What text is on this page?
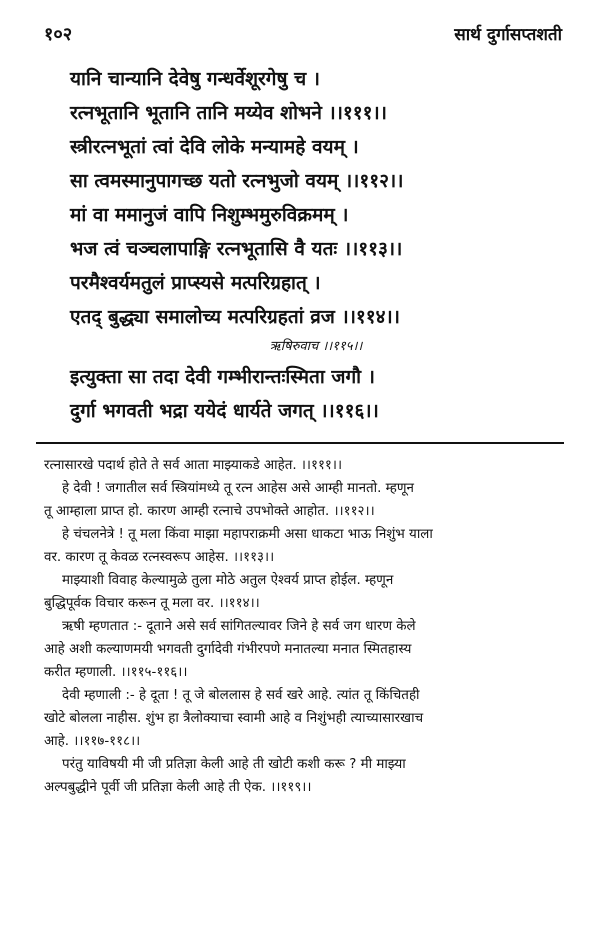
१०२	सार्थ दुर्गासप्तशती
यानि चान्यानि देवेषु गन्धर्वेशूरगेषु च ।
रत्नभूतानि भूतानि तानि मय्येव शोभने ।।१११।।
स्त्रीरत्नभूतां त्वां देवि लोके मन्यामहे वयम् ।
सा त्वमस्मानुपागच्छ यतो रत्नभुजो वयम् ।।११२।।
मां वा ममानुजं वापि निशुम्भमुरुविक्रमम् ।
भज त्वं चञ्चलापाङ्गि रत्नभूतासि वै यतः ।।११३।।
परमैश्वर्यमतुलं प्राप्स्यसे मत्परिग्रहात् ।
एतद् बुद्ध्या समालोच्य मत्परिग्रहतां व्रज ।।११४।।
ऋषिरुवाच ।।११५।।
इत्युक्ता सा तदा देवी गम्भीरान्तःस्मिता जगौ ।
दुर्गा भगवती भद्रा ययेदं धार्यते जगत् ।।११६।।
रत्नासारखे पदार्थ होते ते सर्व आता माझ्याकडे आहेत. ।।१११।।
हे देवी ! जगातील सर्व स्त्रियांमध्ये तू रत्न आहेस असे आम्ही मानतो. म्हणून
तू आम्हाला प्राप्त हो. कारण आम्ही रत्नाचे उपभोक्ते आहोत. ।।११२।।
हे चंचलनेत्रे ! तू मला किंवा माझा महापराक्रमी असा धाकटा भाऊ निशुंभ याला
वर. कारण तू केवळ रत्नस्वरूप आहेस. ।।११३।।
माझ्याशी विवाह केल्यामुळे तुला मोठे अतुल ऐश्वर्य प्राप्त होईल. म्हणून
बुद्धिपूर्वक विचार करून तू मला वर. ।।११४।।
ऋषी म्हणतात :- दूताने असे सर्व सांगितल्यावर जिने हे सर्व जग धारण केले
आहे अशी कल्याणमयी भगवती दुर्गादेवी गंभीरपणे मनातल्या मनात स्मितहास्य
करीत म्हणाली. ।।११५-११६।।
देवी म्हणाली :- हे दूता ! तू जे बोललास हे सर्व खरे आहे. त्यांत तू किंचितही
खोटे बोलला नाहीस. शुंभ हा त्रैलोक्याचा स्वामी आहे व निशुंभही त्याच्यासारखाच
आहे. ।।११७-११८।।
परंतु याविषयी मी जी प्रतिज्ञा केली आहे ती खोटी कशी करू ? मी माझ्या
अल्पबुद्धीने पूर्वी जी प्रतिज्ञा केली आहे ती ऐक. ।।११९।।
